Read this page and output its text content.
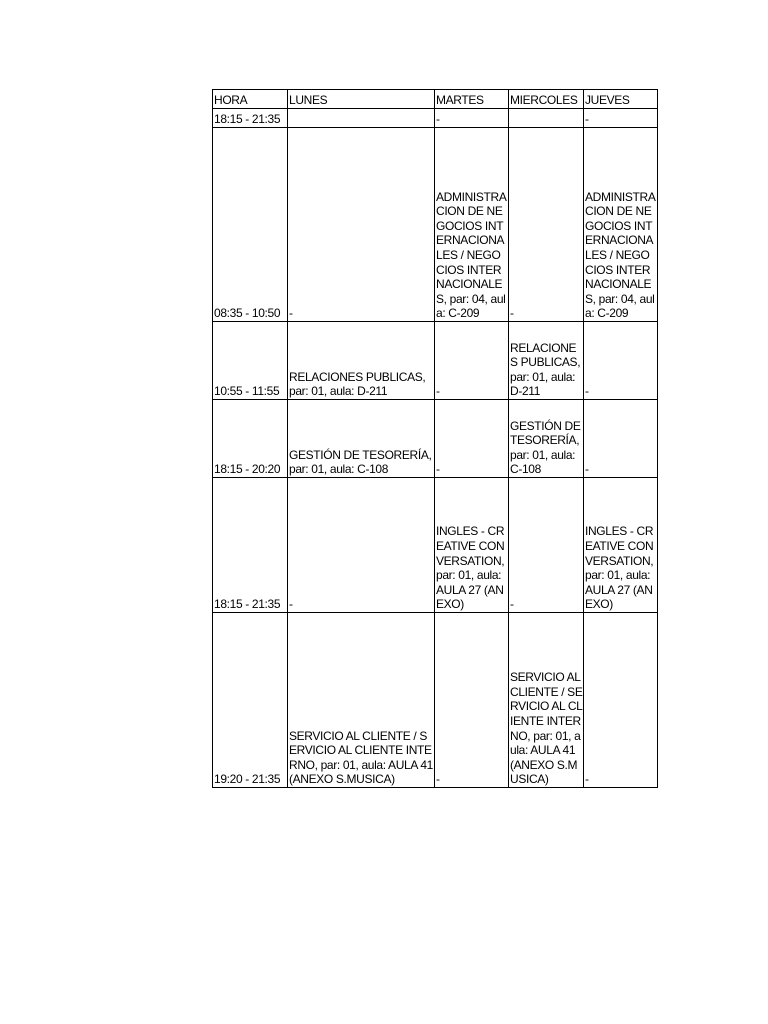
HORA	LUNES	MARTES	MIERCOLES	JUEVES
18:15 - 21:35		-		-
08:35 - 10:50	-	ADMINISTRACION DE NEGOCIOS INTERNACIONALES / NEGOCIOS INTERNACIONALES, par: 04, aula: C-209	-	ADMINISTRACION DE NEGOCIOS INTERNACIONALES / NEGOCIOS INTERNACIONALES, par: 04, aula: C-209
10:55 - 11:55	RELACIONES PUBLICAS, par: 01, aula: D-211	-	RELACIONES PUBLICAS, par: 01, aula: D-211	-
18:15 - 20:20	GESTIÓN DE TESORERÍA, par: 01, aula: C-108	-	GESTIÓN DE TESORERÍA, par: 01, aula: C-108	-
18:15 - 21:35	-	INGLES - CREATIVE CONVERSATION, par: 01, aula: AULA 27 (ANEXO)	-	INGLES - CREATIVE CONVERSATION, par: 01, aula: AULA 27 (ANEXO)
19:20 - 21:35	SERVICIO AL CLIENTE / SERVICIO AL CLIENTE INTERNO, par: 01, aula: AULA 41 (ANEXO S.MUSICA)	-	SERVICIO AL CLIENTE / SERVICIO AL CLIENTE INTERNO, par: 01, aula: AULA 41 (ANEXO S.MUSICA)	-
